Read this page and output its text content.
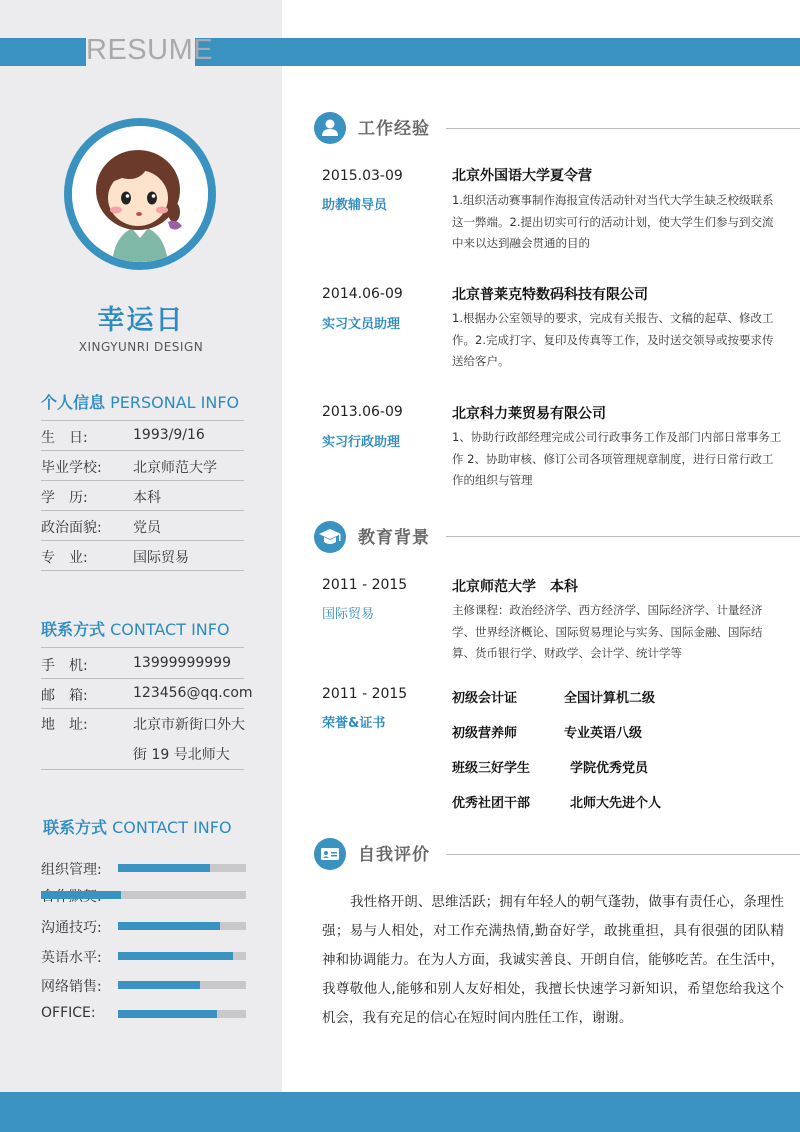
RESUME
幸运日
XINGYUNRI DESIGN
个人信息 PERSONAL INFO
生　日:	1993/9/16
毕业学校: 北京师范大学
学　历:	本科
政治面貌: 党员
专　业:	国际贸易
联系方式 CONTACT INFO
手　机:	13999999999
邮　箱:	123456@qq.com
地　址:	北京市新街口外大
街 19 号北师大
联系方式 CONTACT INFO
组织管理:
沟通技巧:
英语水平:
网络销售:
OFFICE:
工作经验
2015.03-09
助教辅导员
北京外国语大学夏令营
1.组织活动赛事制作海报宣传活动针对当代大学生缺乏校级联系这一弊端。2.提出切实可行的活动计划，使大学生们参与到交流中来以达到融会贯通的目的
2014.06-09
实习文员助理
北京普莱克特数码科技有限公司
1.根据办公室领导的要求，完成有关报告、文稿的起草、修改工作。2.完成打字、复印及传真等工作，及时送交领导或按要求传送给客户。
2013.06-09
实习行政助理
北京科力莱贸易有限公司
1、协助行政部经理完成公司行政事务工作及部门内部日常事务工作 2、协助审核、修订公司各项管理规章制度，进行日常行政工作的组织与管理
教育背景
2011 - 2015
国际贸易
北京师范大学　本科
主修课程：政治经济学、西方经济学、国际经济学、计量经济学、世界经济概论、国际贸易理论与实务、国际金融、国际结算、货币银行学、财政学、会计学、统计学等
2011 - 2015
荣誉&证书
初级会计证	全国计算机二级
初级营养师	专业英语八级
班级三好学生	学院优秀党员
优秀社团干部	北师大先进个人
自我评价
我性格开朗、思维活跃；拥有年轻人的朝气蓬勃，做事有责任心，条理性强；易与人相处，对工作充满热情,勤奋好学，敢挑重担，具有很强的团队精神和协调能力。在为人方面，我诚实善良、开朗自信，能够吃苦。在生活中，我尊敬他人,能够和别人友好相处，我擅长快速学习新知识，希望您给我这个机会，我有充足的信心在短时间内胜任工作，谢谢。
